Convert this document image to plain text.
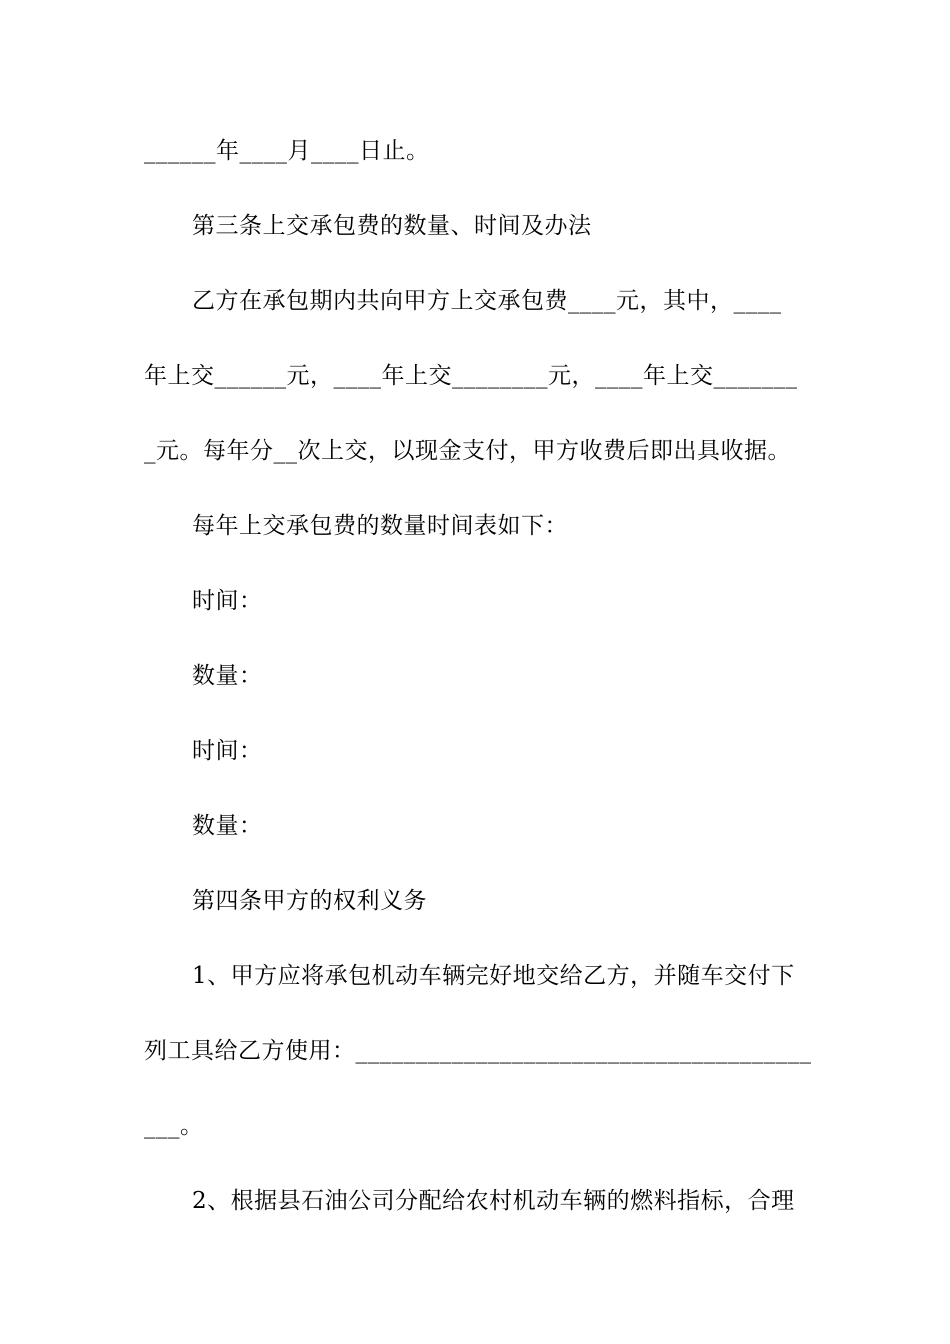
______年____月____日止。
第三条上交承包费的数量、时间及办法
乙方在承包期内共向甲方上交承包费____元，其中，____
年上交______元，____年上交________元，____年上交_______
_元。每年分__次上交，以现金支付，甲方收费后即出具收据。
每年上交承包费的数量时间表如下：
时间：
数量：
时间：
数量：
第四条甲方的权利义务
1、甲方应将承包机动车辆完好地交给乙方，并随车交付下
列工具给乙方使用：______________________________________
___。
2、根据县石油公司分配给农村机动车辆的燃料指标，合理
